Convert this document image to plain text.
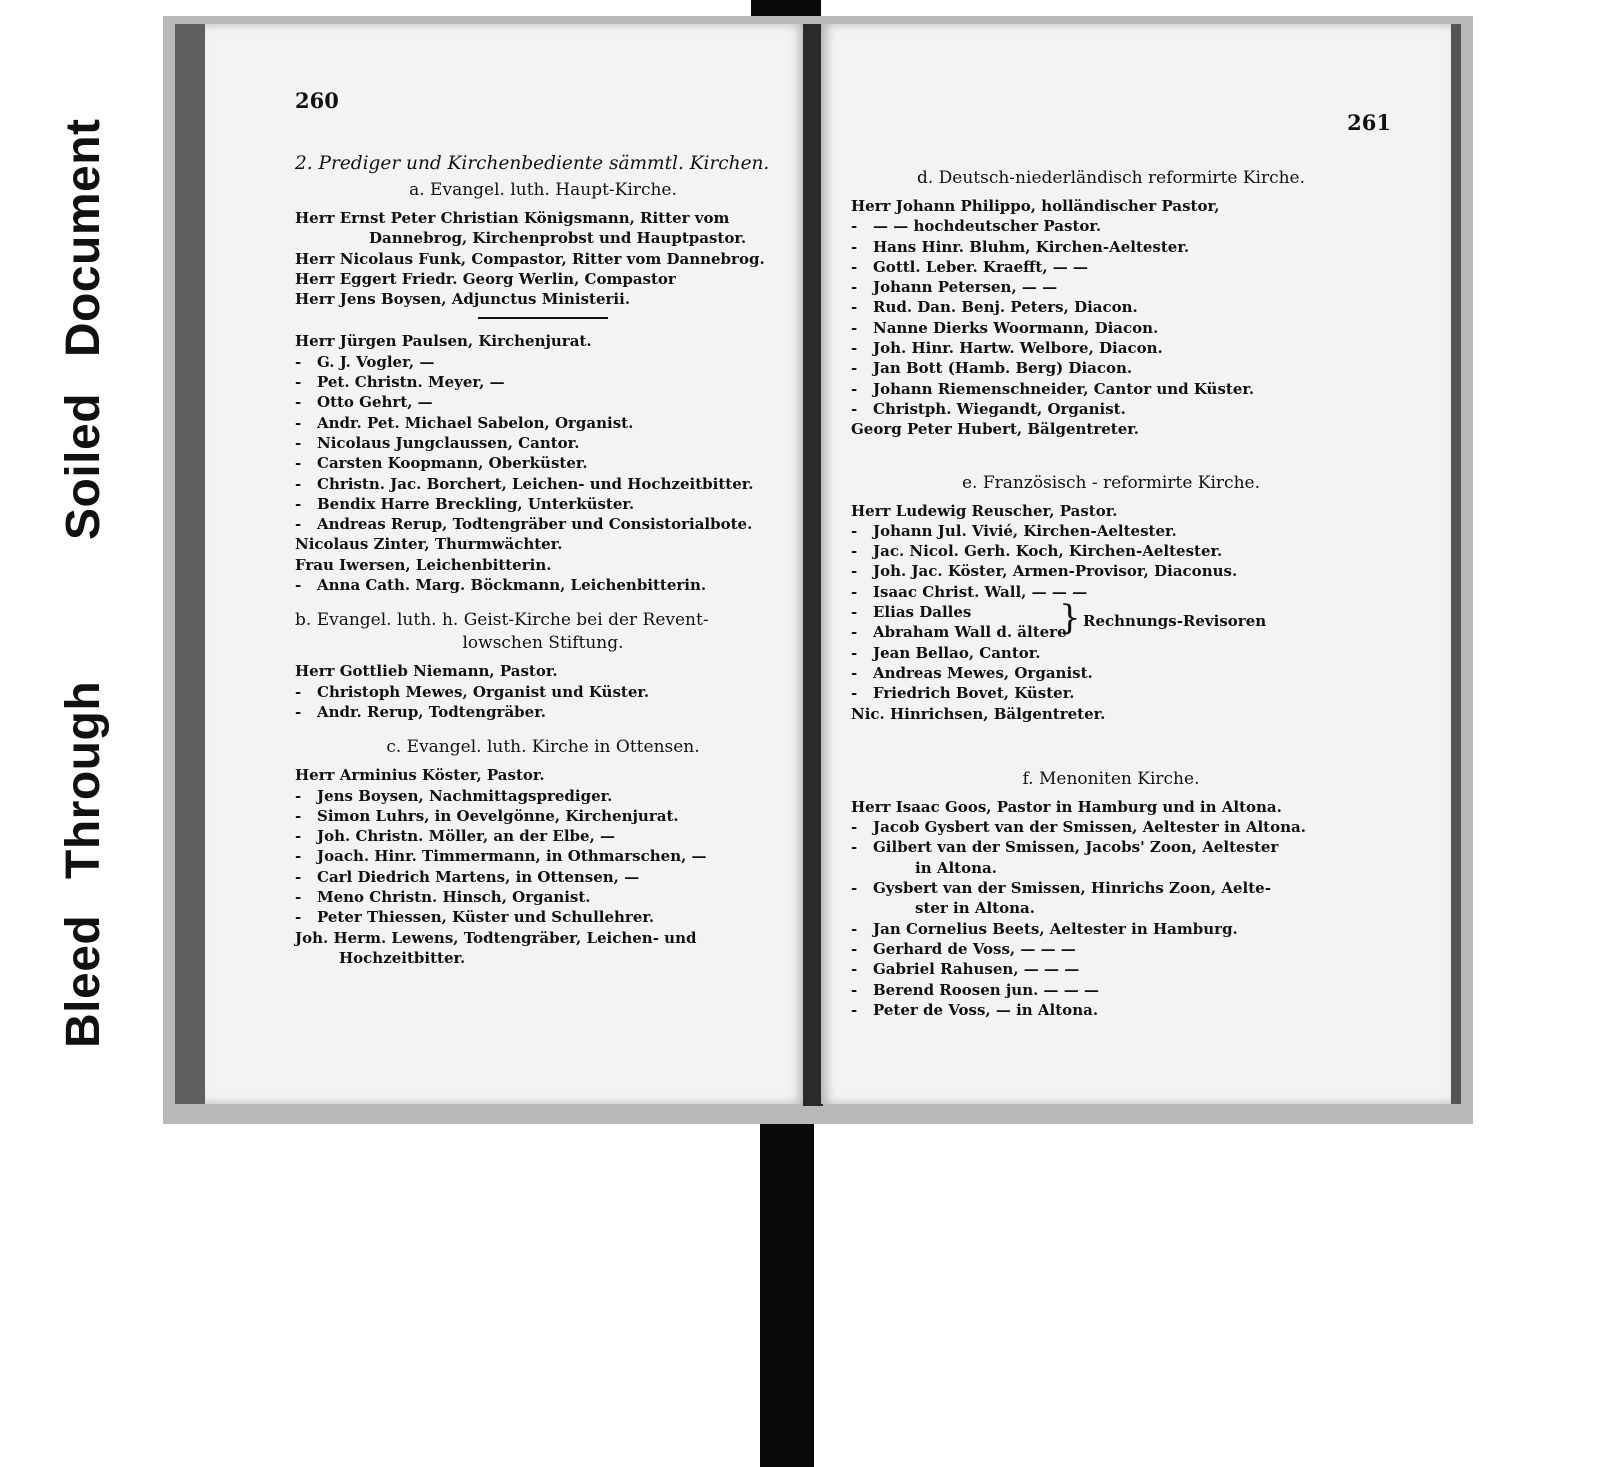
Soiled Document
Bleed Through
260
2. Prediger und Kirchenbediente sämmtl. Kirchen.
a. Evangel. luth. Haupt-Kirche.
Herr Ernst Peter Christian Königsmann, Ritter vom
Dannebrog, Kirchenprobst und Hauptpastor.
Herr Nicolaus Funk, Compastor, Ritter vom Dannebrog.
Herr Eggert Friedr. Georg Werlin, Compastor
Herr Jens Boysen, Adjunctus Ministerii.
Herr Jürgen Paulsen, Kirchenjurat.
- G. J. Vogler, —
- Pet. Christn. Meyer, —
- Otto Gehrt, —
- Andr. Pet. Michael Sabelon, Organist.
- Nicolaus Jungclaussen, Cantor.
- Carsten Koopmann, Oberküster.
- Christn. Jac. Borchert, Leichen- und Hochzeitbitter.
- Bendix Harre Breckling, Unterküster.
- Andreas Rerup, Todtengräber und Consistorialbote.
Nicolaus Zinter, Thurmwächter.
Frau Iwersen, Leichenbitterin.
- Anna Cath. Marg. Böckmann, Leichenbitterin.
b. Evangel. luth. h. Geist-Kirche bei der Revent-
lowschen Stiftung.
Herr Gottlieb Niemann, Pastor.
- Christoph Mewes, Organist und Küster.
- Andr. Rerup, Todtengräber.
c. Evangel. luth. Kirche in Ottensen.
Herr Arminius Köster, Pastor.
- Jens Boysen, Nachmittagsprediger.
- Simon Luhrs, in Oevelgönne, Kirchenjurat.
- Joh. Christn. Möller, an der Elbe, —
- Joach. Hinr. Timmermann, in Othmarschen, —
- Carl Diedrich Martens, in Ottensen, —
- Meno Christn. Hinsch, Organist.
- Peter Thiessen, Küster und Schullehrer.
Joh. Herm. Lewens, Todtengräber, Leichen- und
Hochzeitbitter.
261
d. Deutsch-niederländisch reformirte Kirche.
Herr Johann Philippo, holländischer Pastor,
- — — hochdeutscher Pastor.
- Hans Hinr. Bluhm, Kirchen-Aeltester.
- Gottl. Leber. Kraefft, — —
- Johann Petersen, — —
- Rud. Dan. Benj. Peters, Diacon.
- Nanne Dierks Woormann, Diacon.
- Joh. Hinr. Hartw. Welbore, Diacon.
- Jan Bott (Hamb. Berg) Diacon.
- Johann Riemenschneider, Cantor und Küster.
- Christph. Wiegandt, Organist.
Georg Peter Hubert, Bälgentreter.
e. Französisch - reformirte Kirche.
Herr Ludewig Reuscher, Pastor.
- Johann Jul. Vivié, Kirchen-Aeltester.
- Jac. Nicol. Gerh. Koch, Kirchen-Aeltester.
- Joh. Jac. Köster, Armen-Provisor, Diaconus.
- Isaac Christ. Wall, — — —
- Elias Dalles
- Abraham Wall d. ältere
} Rechnungs-Revisoren
- Jean Bellao, Cantor.
- Andreas Mewes, Organist.
- Friedrich Bovet, Küster.
Nic. Hinrichsen, Bälgentreter.
f. Menoniten Kirche.
Herr Isaac Goos, Pastor in Hamburg und in Altona.
- Jacob Gysbert van der Smissen, Aeltester in Altona.
- Gilbert van der Smissen, Jacobs' Zoon, Aeltester
in Altona.
- Gysbert van der Smissen, Hinrichs Zoon, Aelte-
ster in Altona.
- Jan Cornelius Beets, Aeltester in Hamburg.
- Gerhard de Voss, — — —
- Gabriel Rahusen, — — —
- Berend Roosen jun. — — —
- Peter de Voss, — in Altona.
